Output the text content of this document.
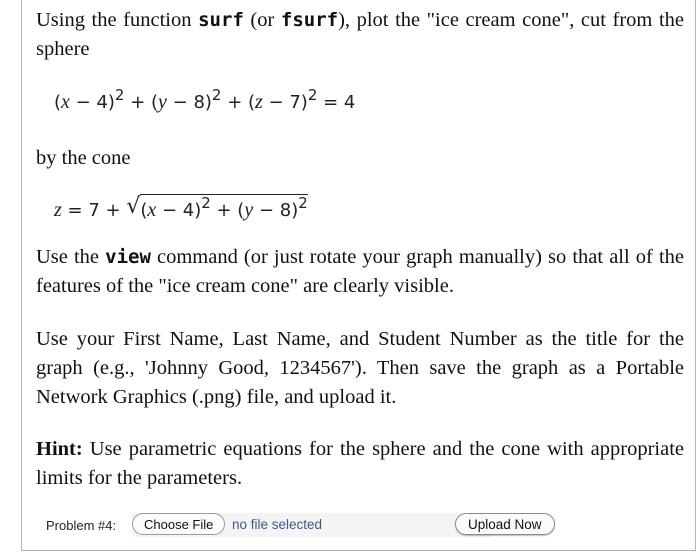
Using the function surf (or fsurf), plot the "ice cream cone", cut from the sphere

$(x - 4)^2 + (y - 8)^2 + (z - 7)^2 = 4$

by the cone

z = 7 + √ $(x - 4)^2 + (y - 8)^2$

Use the view command (or just rotate your graph manually) so that all of the features of the "ice cream cone" are clearly visible.

Use your First Name, Last Name, and Student Number as the title for the graph (e.g., 'Johnny Good, 1234567'). Then save the graph as a Portable Network Graphics (.png) file, and upload it.

Hint: Use parametric equations for the sphere and the cone with appropriate limits for the parameters.

Problem #4:	Choose File	no file selected	Upload Now
